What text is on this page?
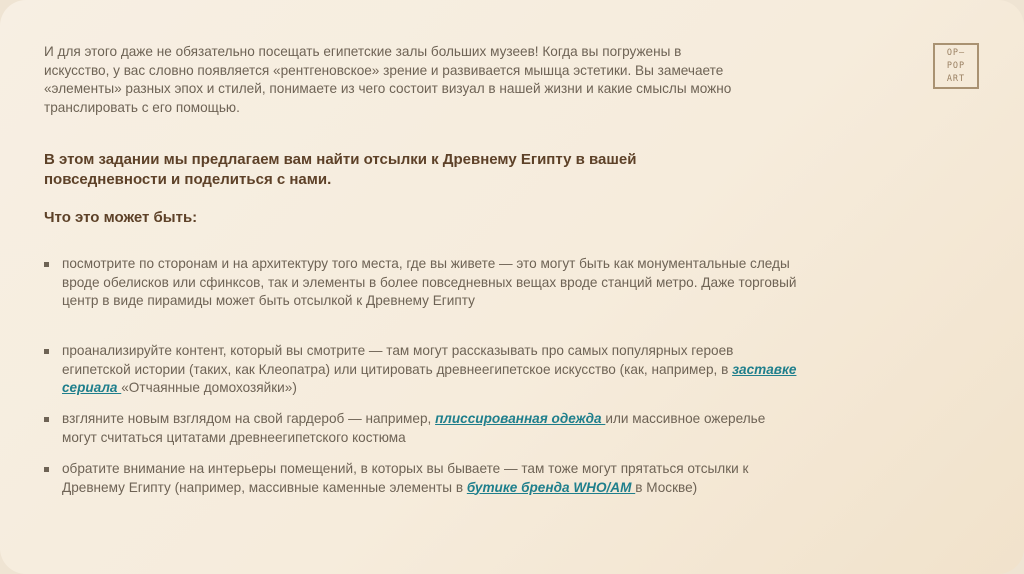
OP—
POP
ART

И для этого даже не обязательно посещать египетские залы больших музеев! Когда вы погружены в искусство, у вас словно появляется «рентгеновское» зрение и развивается мышца эстетики. Вы замечаете «элементы» разных эпох и стилей, понимаете из чего состоит визуал в нашей жизни и какие смыслы можно транслировать с его помощью.

В этом задании мы предлагаем вам найти отсылки к Древнему Египту в вашей повседневности и поделиться с нами.

Что это может быть:

посмотрите по сторонам и на архитектуру того места, где вы живете — это могут быть как монументальные следы вроде обелисков или сфинксов, так и элементы в более повседневных вещах вроде станций метро. Даже торговый центр в виде пирамиды может быть отсылкой к Древнему Египту
проанализируйте контент, который вы смотрите — там могут рассказывать про самых популярных героев египетской истории (таких, как Клеопатра) или цитировать древнеегипетское искусство (как, например, в заставке сериала «Отчаянные домохозяйки»)
взгляните новым взглядом на свой гардероб — например, плиссированная одежда или массивное ожерелье могут считаться цитатами древнеегипетского костюма
обратите внимание на интерьеры помещений, в которых вы бываете — там тоже могут прятаться отсылки к Древнему Египту (например, массивные каменные элементы в бутике бренда WHO/AM в Москве)
